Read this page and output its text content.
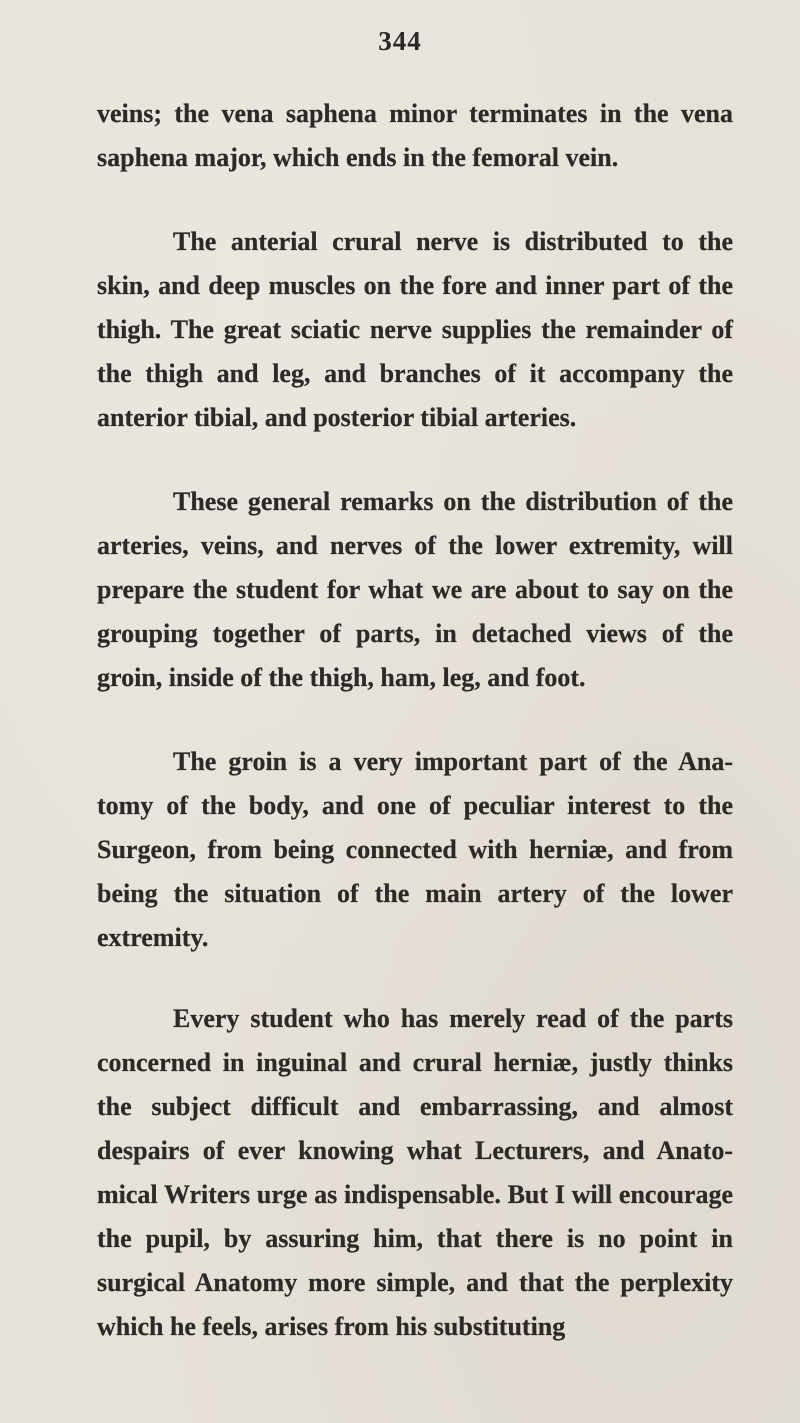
344

veins; the vena saphena minor terminates in the vena saphena major, which ends in the femoral vein.

The anterial crural nerve is distributed to the skin, and deep muscles on the fore and inner part of the thigh. The great sciatic nerve supplies the remainder of the thigh and leg, and branches of it accompany the anterior tibial, and posterior tibial arteries.

These general remarks on the distribution of the arteries, veins, and nerves of the lower extremity, will prepare the student for what we are about to say on the grouping together of parts, in detached views of the groin, inside of the thigh, ham, leg, and foot.

The groin is a very important part of the Ana-tomy of the body, and one of peculiar interest to the Surgeon, from being connected with herniæ, and from being the situation of the main artery of the lower extremity.

Every student who has merely read of the parts concerned in inguinal and crural herniæ, justly thinks the subject difficult and embarrassing, and almost despairs of ever knowing what Lecturers, and Anato-mical Writers urge as indispensable. But I will encourage the pupil, by assuring him, that there is no point in surgical Anatomy more simple, and that the perplexity which he feels, arises from his substituting
